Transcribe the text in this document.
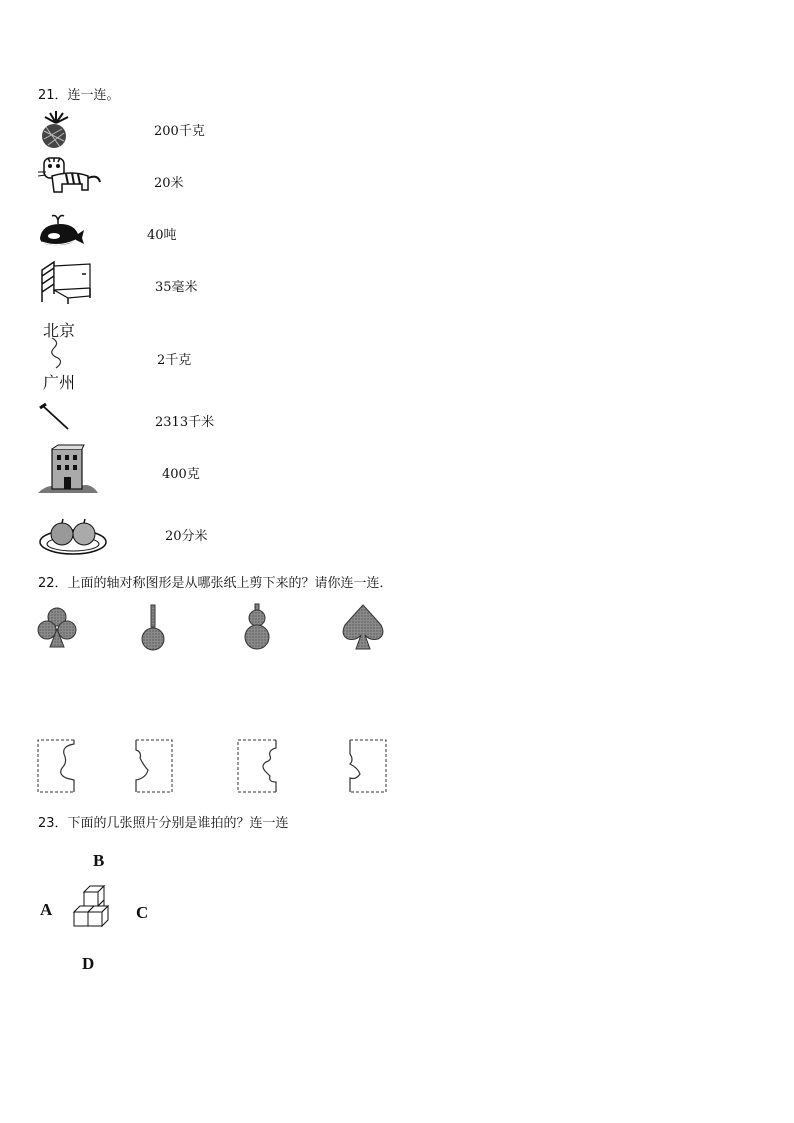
21．连一连。
北京
广州
200千克
20米
40吨
35毫米
2千克
2313千米
400克
20分米
22．上面的轴对称图形是从哪张纸上剪下来的？请你连一连．
23．下面的几张照片分别是谁拍的？连一连
B
A	C
D
